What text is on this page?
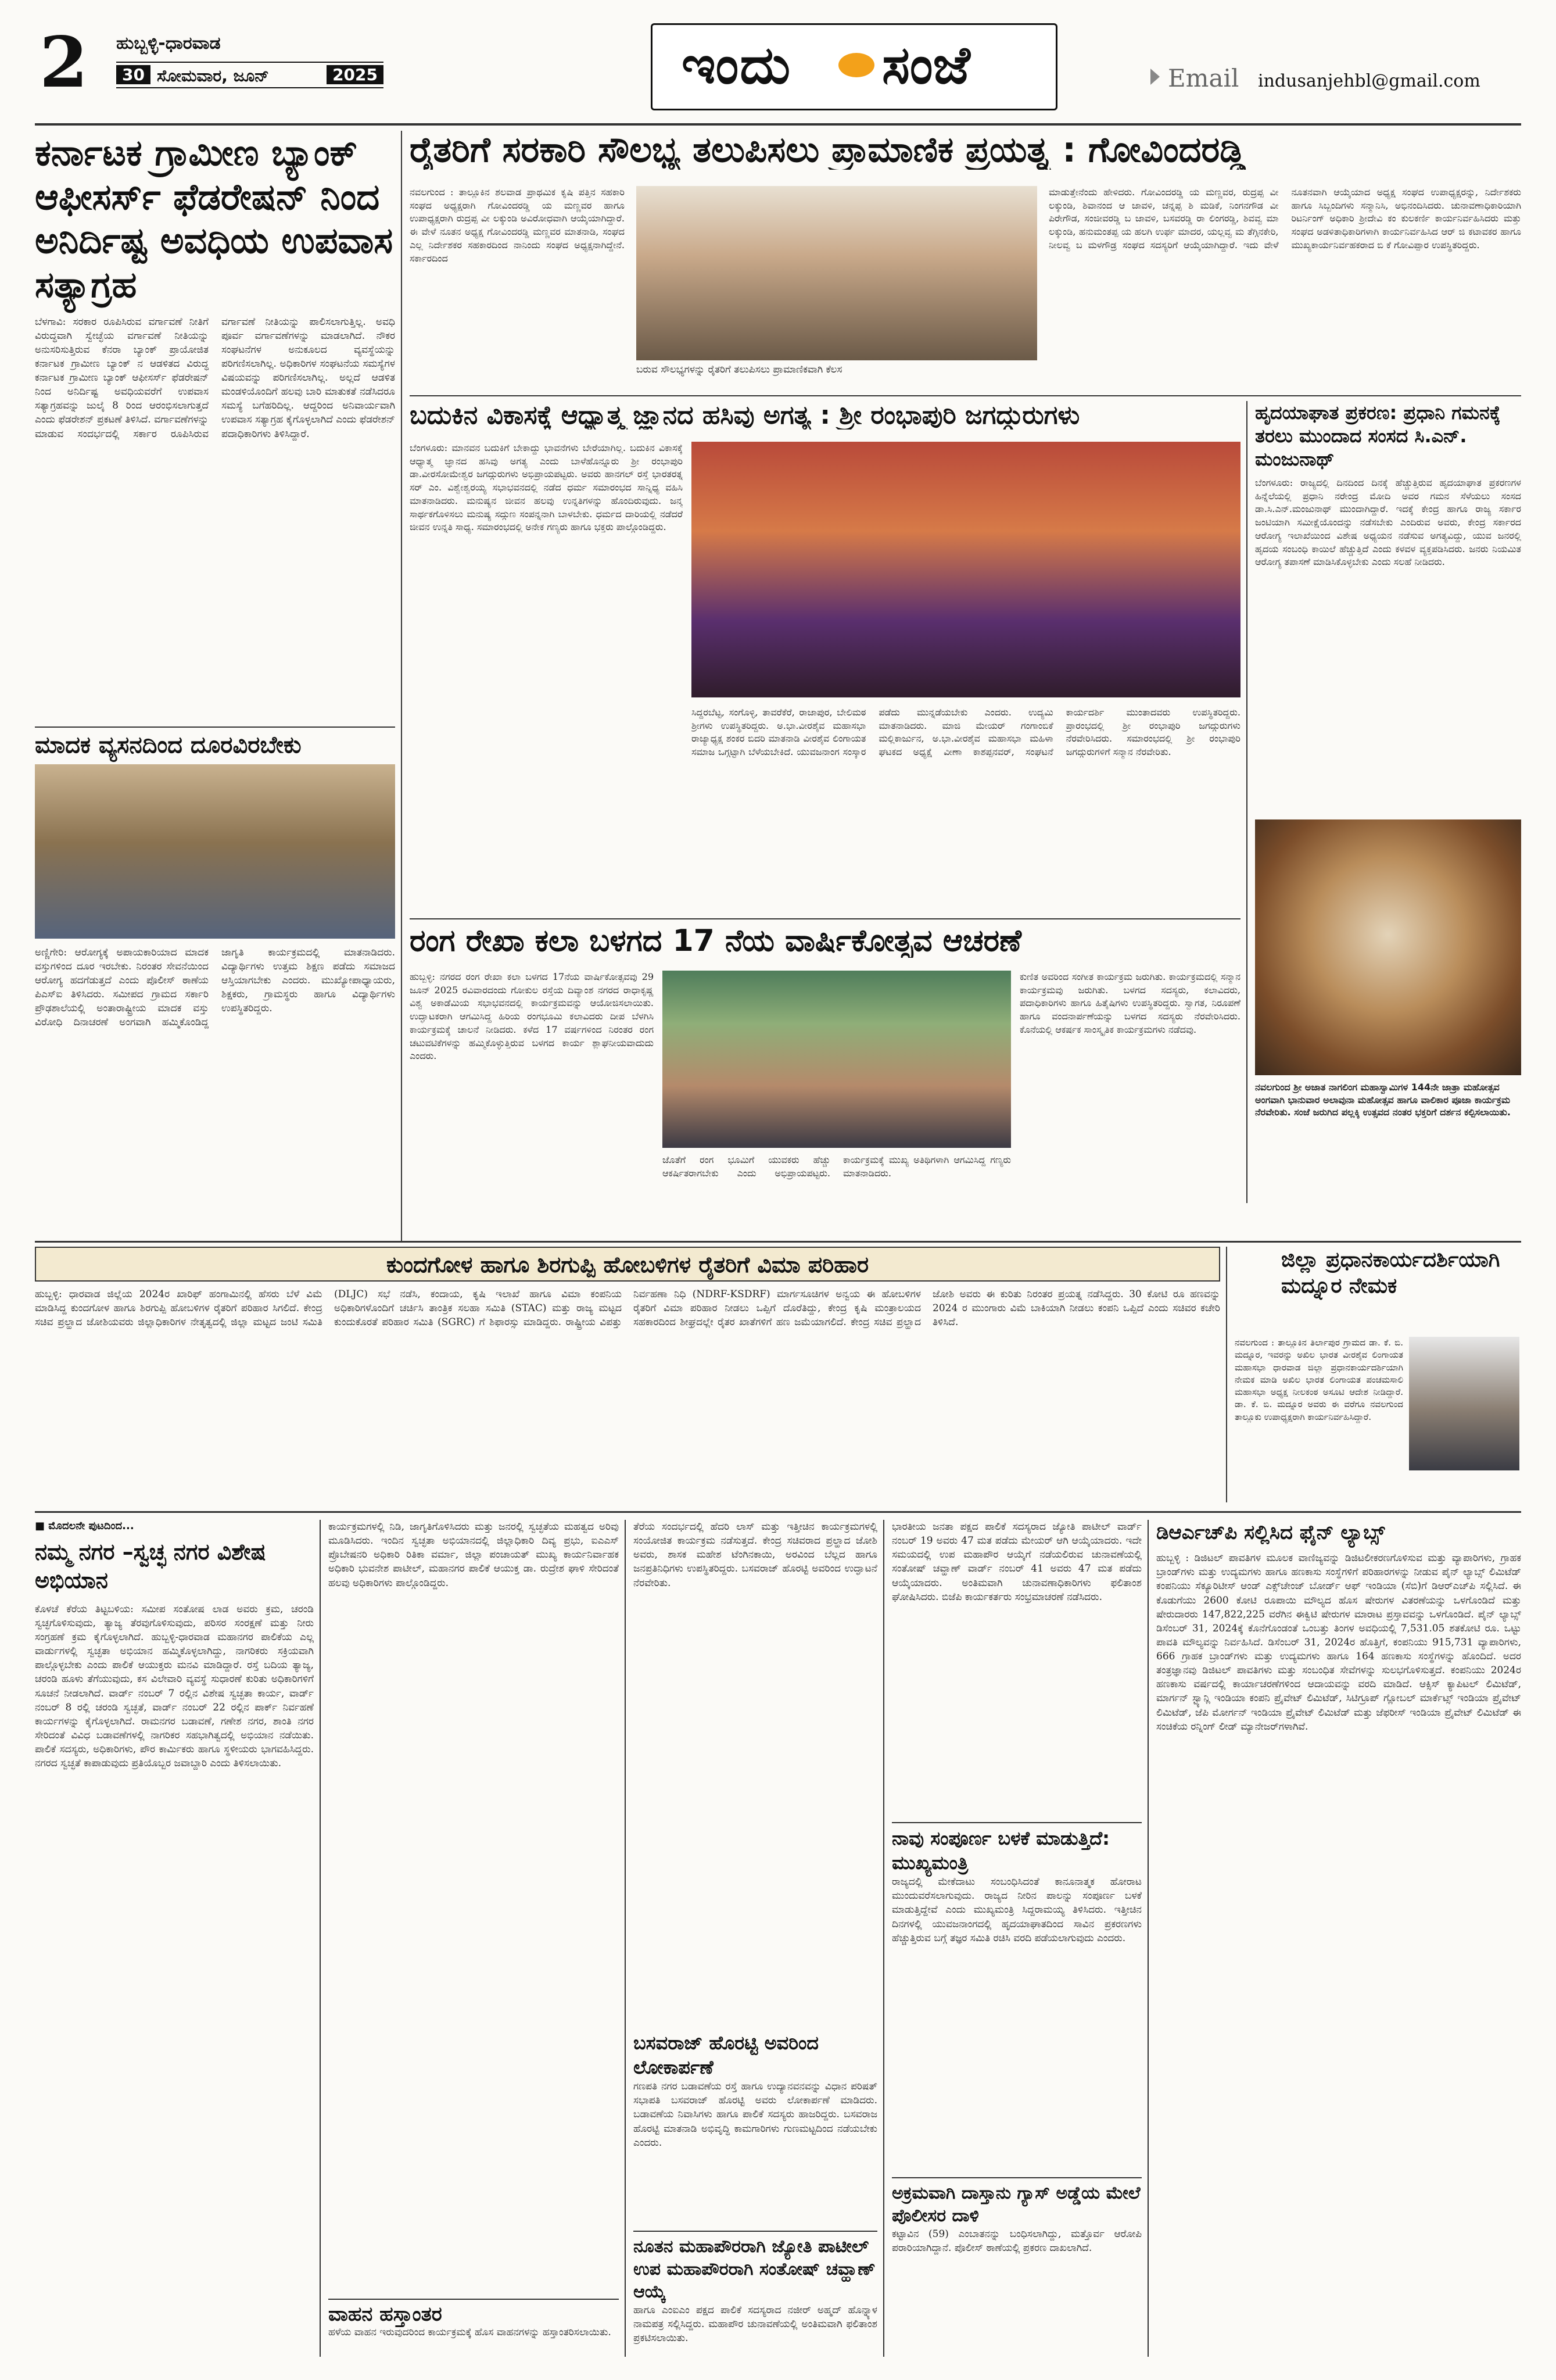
2 ಹುಬ್ಬಳ್ಳಿ-ಧಾರವಾಡ
30 ಸೋಮವಾರ, ಜೂನ್	2025	ಇಂದು ಸಂಜೆ	Email indusanjehbl@gmail.com
ಕರ್ನಾಟಕ ಗ್ರಾಮೀಣ ಬ್ಯಾಂಕ್ ಆಫೀಸರ್ಸ್ ಫೆಡರೇಷನ್ ನಿಂದ ಅನಿರ್ದಿಷ್ಟ ಅವಧಿಯ ಉಪವಾಸ ಸತ್ಯಾಗ್ರಹ
ಬೆಳಗಾವಿ: ಸರಕಾರ ರೂಪಿಸಿರುವ ವರ್ಗಾವಣೆ ನೀತಿಗೆ ವಿರುದ್ಧವಾಗಿ ಸ್ವೇಚ್ಛೆಯ ವರ್ಗಾವಣೆ ನೀತಿಯನ್ನು ಅನುಸರಿಸುತ್ತಿರುವ ಕೆನರಾ ಬ್ಯಾಂಕ್ ಪ್ರಾಯೋಜಿತ ಕರ್ನಾಟಕ ಗ್ರಾಮೀಣ ಬ್ಯಾಂಕ್ ನ ಆಡಳಿತದ ವಿರುದ್ಧ ಕರ್ನಾಟಕ ಗ್ರಾಮೀಣ ಬ್ಯಾಂಕ್ ಆಫೀಸರ್ಸ್ ಫೆಡರೇಷನ್ ನಿಂದ ಅನಿರ್ದಿಷ್ಟ ಅವಧಿಯವರೆಗೆ ಉಪವಾಸ ಸತ್ಯಾಗ್ರಹವನ್ನು ಜುಲೈ 8 ರಿಂದ ಆರಂಭಿಸಲಾಗುತ್ತದೆ ಎಂದು ಫೆಡರೇಶನ್ ಪ್ರಕಟಣೆ ತಿಳಿಸಿದೆ. ವರ್ಗಾವಣೆಗಳನ್ನು ಮಾಡುವ ಸಂದರ್ಭದಲ್ಲಿ ಸರ್ಕಾರ ರೂಪಿಸಿರುವ ವರ್ಗಾವಣೆ ನೀತಿಯನ್ನು ಪಾಲಿಸಲಾಗುತ್ತಿಲ್ಲ. ಅವಧಿ ಪೂರ್ವ ವರ್ಗಾವಣೆಗಳನ್ನು ಮಾಡಲಾಗಿದೆ. ನೌಕರ ಸಂಘಟನೆಗಳ ಅನುಕೂಲದ ವ್ಯವಸ್ಥೆಯನ್ನು ಪರಿಗಣಿಸಲಾಗಿಲ್ಲ. ಅಧಿಕಾರಿಗಳ ಸಂಘಟನೆಯ ಸಮಸ್ಯೆಗಳ ವಿಷಯವನ್ನು ಪರಿಗಣಿಸಲಾಗಿಲ್ಲ. ಅಲ್ಲದೆ ಆಡಳಿತ ಮಂಡಳಿಯೊಂದಿಗೆ ಹಲವು ಬಾರಿ ಮಾತುಕತೆ ನಡೆಸಿದರೂ ಸಮಸ್ಯೆ ಬಗೆಹರಿದಿಲ್ಲ. ಆದ್ದರಿಂದ ಅನಿವಾರ್ಯವಾಗಿ ಉಪವಾಸ ಸತ್ಯಾಗ್ರಹ ಕೈಗೊಳ್ಳಲಾಗಿದೆ ಎಂದು ಫೆಡರೇಶನ್ ಪದಾಧಿಕಾರಿಗಳು ತಿಳಿಸಿದ್ದಾರೆ.
ಮಾದಕ ವ್ಯಸನದಿಂದ ದೂರವಿರಬೇಕು
ಅಣ್ಣಿಗೇರಿ: ಆರೋಗ್ಯಕ್ಕೆ ಅಪಾಯಕಾರಿಯಾದ ಮಾದಕ ವಸ್ತುಗಳಿಂದ ದೂರ ಇರಬೇಕು. ನಿರಂತರ ಸೇವನೆಯಿಂದ ಆರೋಗ್ಯ ಹದಗೆಡುತ್ತದೆ ಎಂದು ಪೊಲೀಸ್ ಠಾಣೆಯ ಪಿಎಸ್ಐ ತಿಳಿಸಿದರು. ಸಮೀಪದ ಗ್ರಾಮದ ಸರ್ಕಾರಿ ಪ್ರೌಢಶಾಲೆಯಲ್ಲಿ ಅಂತಾರಾಷ್ಟ್ರೀಯ ಮಾದಕ ವಸ್ತು ವಿರೋಧಿ ದಿನಾಚರಣೆ ಅಂಗವಾಗಿ ಹಮ್ಮಿಕೊಂಡಿದ್ದ ಜಾಗೃತಿ ಕಾರ್ಯಕ್ರಮದಲ್ಲಿ ಮಾತನಾಡಿದರು. ವಿದ್ಯಾರ್ಥಿಗಳು ಉತ್ತಮ ಶಿಕ್ಷಣ ಪಡೆದು ಸಮಾಜದ ಆಸ್ತಿಯಾಗಬೇಕು ಎಂದರು. ಮುಖ್ಯೋಪಾಧ್ಯಾಯರು, ಶಿಕ್ಷಕರು, ಗ್ರಾಮಸ್ಥರು ಹಾಗೂ ವಿದ್ಯಾರ್ಥಿಗಳು ಉಪಸ್ಥಿತರಿದ್ದರು.
ರೈತರಿಗೆ ಸರಕಾರಿ ಸೌಲಭ್ಯ ತಲುಪಿಸಲು ಪ್ರಾಮಾಣಿಕ ಪ್ರಯತ್ನ : ಗೋವಿಂದರಡ್ಡಿ
ನವಲಗುಂದ : ತಾಲ್ಲೂಕಿನ ಶಲವಾಡ ಪ್ರಾಥಮಿಕ ಕೃಷಿ ಪತ್ತಿನ ಸಹಕಾರಿ ಸಂಘದ ಅಧ್ಯಕ್ಷರಾಗಿ ಗೋವಿಂದರಡ್ಡಿ ಯ ಮಣ್ಣವರ ಹಾಗೂ ಉಪಾಧ್ಯಕ್ಷರಾಗಿ ರುದ್ರಪ್ಪ ವೀ ಲಕ್ಕುಂಡಿ ಅವಿರೋಧವಾಗಿ ಆಯ್ಕೆಯಾಗಿದ್ದಾರೆ. ಈ ವೇಳೆ ನೂತನ ಅಧ್ಯಕ್ಷ ಗೋವಿಂದರಡ್ಡಿ ಮಣ್ಣವರ ಮಾತನಾಡಿ, ಸಂಘದ ಎಲ್ಲ ನಿರ್ದೇಶಕರ ಸಹಕಾರದಿಂದ ನಾನಿಂದು ಸಂಘದ ಅಧ್ಯಕ್ಷನಾಗಿದ್ದೇನೆ. ಸರ್ಕಾರದಿಂದ
ಬರುವ ಸೌಲಭ್ಯಗಳನ್ನು ರೈತರಿಗೆ ತಲುಪಿಸಲು ಪ್ರಾಮಾಣಿಕವಾಗಿ ಕೆಲಸ
ಮಾಡುತ್ತೇನೆಂದು ಹೇಳಿದರು. ಗೋವಿಂದರಡ್ಡಿ ಯ ಮಣ್ಣವರ, ರುದ್ರಪ್ಪ ವೀ ಲಕ್ಕುಂಡಿ, ಶಿವಾನಂದ ಆ ಜಾವಳಿ, ಚನ್ನಪ್ಪ ಶಿ ಮಡಿಕೆ, ನಿಂಗನಗೌಡ ವೀ ಪಿರೇಗೌಡ, ಸಂಜೀವರಡ್ಡಿ ಬ ಜಾವಳಿ, ಬಸವರಡ್ಡಿ ರಾ ಲಿಂಗರಡ್ಡಿ, ಶಿವವ್ವ ಮಾ ಲಕ್ಕುಂಡಿ, ಹನುಮಂತಪ್ಪ ಯ ಹಲಗಿ ಉರ್ಫ ಮಾದರ, ಯಲ್ಲವ್ವ ಮ ತೆಗ್ಗಿನಕೇರಿ, ನೀಲವ್ವ ಬ ಮಳಗೌಡ್ರ ಸಂಘದ ಸದಸ್ಯರಿಗೆ ಆಯ್ಕೆಯಾಗಿದ್ದಾರೆ. ಇದು ವೇಳೆ ನೂತನವಾಗಿ ಆಯ್ಕೆಯಾದ ಅಧ್ಯಕ್ಷ ಸಂಘದ ಉಪಾಧ್ಯಕ್ಷರನ್ನು, ನಿರ್ದೇಶಕರು ಹಾಗೂ ಸಿಬ್ಬಂದಿಗಳು ಸನ್ಮಾನಿಸಿ, ಅಭಿನಂದಿಸಿದರು. ಚುನಾವಣಾಧಿಕಾರಿಯಾಗಿ ರಿಟರ್ನಿಂಗ್ ಅಧಿಕಾರಿ ಶ್ರೀದೇವಿ ಕಂ ಕುಲಕರ್ಣಿ ಕಾರ್ಯನಿರ್ವಹಿಸಿದರು ಮತ್ತು ಸಂಘದ ಅಡಳಿತಾಧಿಕಾರಿಗಳಾಗಿ ಕಾರ್ಯನಿರ್ವಹಿಸಿದ ಆರ್ ಜಿ ಕಟಾವಕರ ಹಾಗೂ ಮುಖ್ಯಕಾರ್ಯನಿರ್ವಹಕರಾದ ಬಿ ಕೆ ಗೋವಿಪ್ಪಾರ ಉಪಸ್ಥಿತರಿದ್ದರು.
ಬದುಕಿನ ವಿಕಾಸಕ್ಕೆ ಆಧ್ಯಾತ್ಮ ಜ್ಞಾನದ ಹಸಿವು ಅಗತ್ಯ : ಶ್ರೀ ರಂಭಾಪುರಿ ಜಗದ್ಗುರುಗಳು
ಬೆಂಗಳೂರು: ಮಾನವನ ಬದುಕಿಗೆ ಬೇಕಾದ್ದು ಭಾವನೆಗಳು ಬೇರೆಯಾಗಿಲ್ಲ. ಬದುಕಿನ ವಿಕಾಸಕ್ಕೆ ಆಧ್ಯಾತ್ಮ ಜ್ಞಾನದ ಹಸಿವು ಅಗತ್ಯ ಎಂದು ಬಾಳೆಹೊನ್ನೂರು ಶ್ರೀ ರಂಭಾಪುರಿ ಡಾ.ವೀರಸೋಮೇಶ್ವರ ಜಗದ್ಗುರುಗಳು ಅಭಿಪ್ರಾಯಪಟ್ಟರು. ಅವರು ಹಾನಗಲ್ ರಸ್ತೆ ಭಾರತರತ್ನ ಸರ್ ಎಂ. ವಿಶ್ವೇಶ್ವರಯ್ಯ ಸಭಾಭವನದಲ್ಲಿ ನಡೆದ ಧರ್ಮ ಸಮಾರಂಭದ ಸಾನ್ನಿಧ್ಯ ವಹಿಸಿ ಮಾತನಾಡಿದರು. ಮನುಷ್ಯನ ಜೀವನ ಹಲವು ಉನ್ನತಿಗಳನ್ನು ಹೊಂದಿರುವುದು. ಜನ್ಮ ಸಾರ್ಥಕಗೊಳಿಸಲು ಮನುಷ್ಯ ಸದ್ಗುಣ ಸಂಪನ್ನನಾಗಿ ಬಾಳಬೇಕು. ಧರ್ಮದ ದಾರಿಯಲ್ಲಿ ನಡೆದರೆ ಜೀವನ ಉನ್ನತಿ ಸಾಧ್ಯ. ಸಮಾರಂಭದಲ್ಲಿ ಅನೇಕ ಗಣ್ಯರು ಹಾಗೂ ಭಕ್ತರು ಪಾಲ್ಗೊಂಡಿದ್ದರು.
ಸಿದ್ದರಬೆಟ್ಟ, ಸಂಗೊಳ್ಳಿ, ತಾವರೆಕೆರೆ, ರಾಜಾಪುರ, ಬೇಲಿಮಠ ಶ್ರೀಗಳು ಉಪಸ್ಥಿತರಿದ್ದರು. ಅ.ಭಾ.ವೀರಶೈವ ಮಹಾಸಭಾ ರಾಜ್ಯಾಧ್ಯಕ್ಷ ಶಂಕರ ಬಿದರಿ ಮಾತನಾಡಿ ವೀರಶೈವ ಲಿಂಗಾಯತ ಸಮಾಜ ಒಗ್ಗಟ್ಟಾಗಿ ಬೆಳೆಯಬೇಕಿದೆ. ಯುವಜನಾಂಗ ಸಂಸ್ಕಾರ ಪಡೆದು ಮುನ್ನಡೆಯಬೇಕು ಎಂದರು. ಉದ್ಯಮಿ ಮಾತನಾಡಿದರು. ಮಾಜಿ ಮೇಯರ್ ಗಂಗಾಂಬಿಕೆ ಮಲ್ಲಿಕಾರ್ಜುನ, ಅ.ಭಾ.ವೀರಶೈವ ಮಹಾಸಭಾ ಮಹಿಳಾ ಘಟಕದ ಅಧ್ಯಕ್ಷೆ ವೀಣಾ ಕಾಶಪ್ಪನವರ್, ಸಂಘಟನೆ ಕಾರ್ಯದರ್ಶಿ ಮುಂತಾದವರು ಉಪಸ್ಥಿತರಿದ್ದರು. ಪ್ರಾರಂಭದಲ್ಲಿ ಶ್ರೀ ರಂಭಾಪುರಿ ಜಗದ್ಗುರುಗಳು ನೆರವೇರಿಸಿದರು. ಸಮಾರಂಭದಲ್ಲಿ ಶ್ರೀ ರಂಭಾಪುರಿ ಜಗದ್ಗುರುಗಳಿಗೆ ಸನ್ಮಾನ ನೆರವೇರಿತು.
ಹೃದಯಾಘಾತ ಪ್ರಕರಣ: ಪ್ರಧಾನಿ ಗಮನಕ್ಕೆ ತರಲು ಮುಂದಾದ ಸಂಸದ ಸಿ.ಎನ್. ಮಂಜುನಾಥ್
ಬೆಂಗಳೂರು: ರಾಜ್ಯದಲ್ಲಿ ದಿನದಿಂದ ದಿನಕ್ಕೆ ಹೆಚ್ಚುತ್ತಿರುವ ಹೃದಯಾಘಾತ ಪ್ರಕರಣಗಳ ಹಿನ್ನೆಲೆಯಲ್ಲಿ ಪ್ರಧಾನಿ ನರೇಂದ್ರ ಮೋದಿ ಅವರ ಗಮನ ಸೆಳೆಯಲು ಸಂಸದ ಡಾ.ಸಿ.ಎನ್.ಮಂಜುನಾಥ್ ಮುಂದಾಗಿದ್ದಾರೆ. ಇದಕ್ಕೆ ಕೇಂದ್ರ ಹಾಗೂ ರಾಜ್ಯ ಸರ್ಕಾರ ಜಂಟಿಯಾಗಿ ಸಮೀಕ್ಷೆಯೊಂದನ್ನು ನಡೆಸಬೇಕು ಎಂದಿರುವ ಅವರು, ಕೇಂದ್ರ ಸರ್ಕಾರದ ಆರೋಗ್ಯ ಇಲಾಖೆಯಿಂದ ವಿಶೇಷ ಅಧ್ಯಯನ ನಡೆಸುವ ಅಗತ್ಯವಿದ್ದು, ಯುವ ಜನರಲ್ಲಿ ಹೃದಯ ಸಂಬಂಧಿ ಕಾಯಿಲೆ ಹೆಚ್ಚುತ್ತಿದೆ ಎಂದು ಕಳವಳ ವ್ಯಕ್ತಪಡಿಸಿದರು. ಜನರು ನಿಯಮಿತ ಆರೋಗ್ಯ ತಪಾಸಣೆ ಮಾಡಿಸಿಕೊಳ್ಳಬೇಕು ಎಂದು ಸಲಹೆ ನೀಡಿದರು.
ನವಲಗುಂದ ಶ್ರೀ ಅಜಾತ ನಾಗಲಿಂಗ ಮಹಾಸ್ವಾಮಿಗಳ 144ನೇ ಜಾತ್ರಾ ಮಹೋತ್ಸವ ಅಂಗವಾಗಿ ಭಾನುವಾರ ಅಲಾವುನಾ ಮಹೋತ್ಸವ ಹಾಗೂ ವಾಲಿಕಾರ ಪೂಜಾ ಕಾರ್ಯಕ್ರಮ ನೆರವೇರಿತು. ಸಂಜೆ ಜರುಗಿದ ಪಲ್ಲಕ್ಕಿ ಉತ್ಸವದ ನಂತರ ಭಕ್ತರಿಗೆ ದರ್ಶನ ಕಲ್ಪಿಸಲಾಯಿತು.
ರಂಗ ರೇಖಾ ಕಲಾ ಬಳಗದ 17 ನೆಯ ವಾರ್ಷಿಕೋತ್ಸವ ಆಚರಣೆ
ಹುಬ್ಬಳ್ಳಿ: ನಗರದ ರಂಗ ರೇಖಾ ಕಲಾ ಬಳಗದ 17ನೆಯ ವಾರ್ಷಿಕೋತ್ಸವವು 29 ಜೂನ್ 2025 ರವಿವಾರದಂದು ಗೋಕುಲ ರಸ್ತೆಯ ದಿವ್ಯಾಂಶ ನಗರದ ರಾಧಾಕೃಷ್ಣ ವಿಶ್ವ ಅಕಾಡೆಮಿಯ ಸಭಾಭವನದಲ್ಲಿ ಕಾರ್ಯಕ್ರಮವನ್ನು ಆಯೋಜಿಸಲಾಯಿತು. ಉದ್ಘಾಟಕರಾಗಿ ಆಗಮಿಸಿದ್ದ ಹಿರಿಯ ರಂಗಭೂಮಿ ಕಲಾವಿದರು ದೀಪ ಬೆಳಗಿಸಿ ಕಾರ್ಯಕ್ರಮಕ್ಕೆ ಚಾಲನೆ ನೀಡಿದರು. ಕಳೆದ 17 ವರ್ಷಗಳಿಂದ ನಿರಂತರ ರಂಗ ಚಟುವಟಿಕೆಗಳನ್ನು ಹಮ್ಮಿಕೊಳ್ಳುತ್ತಿರುವ ಬಳಗದ ಕಾರ್ಯ ಶ್ಲಾಘನೀಯವಾದುದು ಎಂದರು.
ಜೊತೆಗೆ ರಂಗ ಭೂಮಿಗೆ ಯುವಕರು ಹೆಚ್ಚು ಆಕರ್ಷಿತರಾಗಬೇಕು ಎಂದು ಅಭಿಪ್ರಾಯಪಟ್ಟರು. ಕಾರ್ಯಕ್ರಮಕ್ಕೆ ಮುಖ್ಯ ಅತಿಥಿಗಳಾಗಿ ಆಗಮಿಸಿದ್ದ ಗಣ್ಯರು ಮಾತನಾಡಿದರು.
ಕುಣಿತ ಅವರಿಂದ ಸಂಗೀತ ಕಾರ್ಯಕ್ರಮ ಜರುಗಿತು. ಕಾರ್ಯಕ್ರಮದಲ್ಲಿ ಸನ್ಮಾನ ಕಾರ್ಯಕ್ರಮವು ಜರುಗಿತು. ಬಳಗದ ಸದಸ್ಯರು, ಕಲಾವಿದರು, ಪದಾಧಿಕಾರಿಗಳು ಹಾಗೂ ಹಿತೈಷಿಗಳು ಉಪಸ್ಥಿತರಿದ್ದರು. ಸ್ವಾಗತ, ನಿರೂಪಣೆ ಹಾಗೂ ವಂದನಾರ್ಪಣೆಯನ್ನು ಬಳಗದ ಸದಸ್ಯರು ನೆರವೇರಿಸಿದರು. ಕೊನೆಯಲ್ಲಿ ಆಕರ್ಷಕ ಸಾಂಸ್ಕೃತಿಕ ಕಾರ್ಯಕ್ರಮಗಳು ನಡೆದವು.
ಕುಂದಗೋಳ ಹಾಗೂ ಶಿರಗುಪ್ಪಿ ಹೋಬಳಿಗಳ ರೈತರಿಗೆ ವಿಮಾ ಪರಿಹಾರ
ಹುಬ್ಬಳ್ಳಿ: ಧಾರವಾಡ ಜಿಲ್ಲೆಯ 2024ರ ಖಾರಿಫ್ ಹಂಗಾಮಿನಲ್ಲಿ ಹೆಸರು ಬೆಳೆ ವಿಮೆ ಮಾಡಿಸಿದ್ದ ಕುಂದಗೋಳ ಹಾಗೂ ಶಿರಗುಪ್ಪಿ ಹೋಬಳಿಗಳ ರೈತರಿಗೆ ಪರಿಹಾರ ಸಿಗಲಿದೆ. ಕೇಂದ್ರ ಸಚಿವ ಪ್ರಲ್ಹಾದ ಜೋಶಿಯವರು ಜಿಲ್ಲಾಧಿಕಾರಿಗಳ ನೇತೃತ್ವದಲ್ಲಿ ಜಿಲ್ಲಾ ಮಟ್ಟದ ಜಂಟಿ ಸಮಿತಿ (DLJC) ಸಭೆ ನಡೆಸಿ, ಕಂದಾಯ, ಕೃಷಿ ಇಲಾಖೆ ಹಾಗೂ ವಿಮಾ ಕಂಪನಿಯ ಅಧಿಕಾರಿಗಳೊಂದಿಗೆ ಚರ್ಚಿಸಿ ತಾಂತ್ರಿಕ ಸಲಹಾ ಸಮಿತಿ (STAC) ಮತ್ತು ರಾಜ್ಯ ಮಟ್ಟದ ಕುಂದುಕೊರತೆ ಪರಿಹಾರ ಸಮಿತಿ (SGRC) ಗೆ ಶಿಫಾರಸ್ಸು ಮಾಡಿದ್ದರು. ರಾಷ್ಟ್ರೀಯ ವಿಪತ್ತು ನಿರ್ವಹಣಾ ನಿಧಿ (NDRF-KSDRF) ಮಾರ್ಗಸೂಚಿಗಳ ಅನ್ವಯ ಈ ಹೋಬಳಿಗಳ ರೈತರಿಗೆ ವಿಮಾ ಪರಿಹಾರ ನೀಡಲು ಒಪ್ಪಿಗೆ ದೊರೆತಿದ್ದು, ಕೇಂದ್ರ ಕೃಷಿ ಮಂತ್ರಾಲಯದ ಸಹಕಾರದಿಂದ ಶೀಘ್ರದಲ್ಲೇ ರೈತರ ಖಾತೆಗಳಿಗೆ ಹಣ ಜಮೆಯಾಗಲಿದೆ. ಕೇಂದ್ರ ಸಚಿವ ಪ್ರಲ್ಹಾದ ಜೋಶಿ ಅವರು ಈ ಕುರಿತು ನಿರಂತರ ಪ್ರಯತ್ನ ನಡೆಸಿದ್ದರು. 30 ಕೋಟಿ ರೂ ಹಣವನ್ನು 2024 ರ ಮುಂಗಾರು ವಿಮೆ ಬಾಕಿಯಾಗಿ ನೀಡಲು ಕಂಪನಿ ಒಪ್ಪಿದೆ ಎಂದು ಸಚಿವರ ಕಚೇರಿ ತಿಳಿಸಿದೆ.
ಜಿಲ್ಲಾ ಪ್ರಧಾನಕಾರ್ಯದರ್ಶಿಯಾಗಿ ಮದ್ನೂರ ನೇಮಕ
ನವಲಗುಂದ : ತಾಲ್ಲೂಕಿನ ತಿರ್ಲಾಪುರ ಗ್ರಾಮದ ಡಾ. ಕೆ. ಬಿ. ಮದ್ನೂರ, ಇವರನ್ನು ಅಖಿಲ ಭಾರತ ವೀರಶೈವ ಲಿಂಗಾಯತ ಮಹಾಸಭಾ ಧಾರವಾಡ ಜಿಲ್ಲಾ ಪ್ರಧಾನಕಾರ್ಯದರ್ಶಿಯಾಗಿ ನೇಮಕ ಮಾಡಿ ಅಖಿಲ ಭಾರತ ಲಿಂಗಾಯತ ಪಂಚಮಸಾಲಿ ಮಹಾಸಭಾ ಅಧ್ಯಕ್ಷ ನೀಲಕಂಠ ಅಸೂಟಿ ಆದೇಶ ನೀಡಿದ್ದಾರೆ. ಡಾ. ಕೆ. ಬಿ. ಮದ್ನೂರ ಅವರು ಈ ವರೆಗೂ ನವಲಗುಂದ ತಾಲ್ಲೂಕು ಉಪಾಧ್ಯಕ್ಷರಾಗಿ ಕಾರ್ಯನಿರ್ವಹಿಸಿದ್ದಾರೆ.
■ ಮೊದಲನೇ ಪುಟದಿಂದ...
ನಮ್ಮ ನಗರ –ಸ್ವಚ್ಛ ನಗರ ವಿಶೇಷ ಅಭಿಯಾನ
ಕೊಳಚೆ ಕೆರೆಯ ತಿಟ್ಟಬಳಿಯ: ಸಮೀಪ ಸಂತೋಷ ಲಾಡ ಅವರು ಕ್ರಮ, ಚರಂಡಿ ಸ್ವಚ್ಛಗೊಳಿಸುವುದು, ತ್ಯಾಜ್ಯ ತೆರವುಗೊಳಿಸುವುದು, ಪರಿಸರ ಸಂರಕ್ಷಣೆ ಮತ್ತು ನೀರು ಸಂಗ್ರಹಣೆ ಕ್ರಮ ಕೈಗೊಳ್ಳಲಾಗಿದೆ. ಹುಬ್ಬಳ್ಳಿ-ಧಾರವಾಡ ಮಹಾನಗರ ಪಾಲಿಕೆಯ ಎಲ್ಲ ವಾರ್ಡುಗಳಲ್ಲಿ ಸ್ವಚ್ಛತಾ ಅಭಿಯಾನ ಹಮ್ಮಿಕೊಳ್ಳಲಾಗಿದ್ದು, ನಾಗರಿಕರು ಸಕ್ರಿಯವಾಗಿ ಪಾಲ್ಗೊಳ್ಳಬೇಕು ಎಂದು ಪಾಲಿಕೆ ಆಯುಕ್ತರು ಮನವಿ ಮಾಡಿದ್ದಾರೆ. ರಸ್ತೆ ಬದಿಯ ತ್ಯಾಜ್ಯ, ಚರಂಡಿ ಹೂಳು ತೆಗೆಯುವುದು, ಕಸ ವಿಲೇವಾರಿ ವ್ಯವಸ್ಥೆ ಸುಧಾರಣೆ ಕುರಿತು ಅಧಿಕಾರಿಗಳಿಗೆ ಸೂಚನೆ ನೀಡಲಾಗಿದೆ. ವಾರ್ಡ್ ನಂಬರ್ 7 ರಲ್ಲಿನ ವಿಶೇಷ ಸ್ವಚ್ಛತಾ ಕಾರ್ಯ, ವಾರ್ಡ್ ನಂಬರ್ 8 ರಲ್ಲಿ ಚರಂಡಿ ಸ್ವಚ್ಛತೆ, ವಾರ್ಡ್ ನಂಬರ್ 22 ರಲ್ಲಿನ ಪಾರ್ಕ್ ನಿರ್ವಹಣೆ ಕಾರ್ಯಗಳನ್ನು ಕೈಗೊಳ್ಳಲಾಗಿದೆ. ರಾಮನಗರ ಬಡಾವಣೆ, ಗಣೇಶ ನಗರ, ಶಾಂತಿ ನಗರ ಸೇರಿದಂತೆ ವಿವಿಧ ಬಡಾವಣೆಗಳಲ್ಲಿ ನಾಗರಿಕರ ಸಹಭಾಗಿತ್ವದಲ್ಲಿ ಅಭಿಯಾನ ನಡೆಯಿತು. ಪಾಲಿಕೆ ಸದಸ್ಯರು, ಅಧಿಕಾರಿಗಳು, ಪೌರ ಕಾರ್ಮಿಕರು ಹಾಗೂ ಸ್ಥಳೀಯರು ಭಾಗವಹಿಸಿದ್ದರು. ನಗರದ ಸ್ವಚ್ಛತೆ ಕಾಪಾಡುವುದು ಪ್ರತಿಯೊಬ್ಬರ ಜವಾಬ್ದಾರಿ ಎಂದು ತಿಳಿಸಲಾಯಿತು.
ಕಾರ್ಯಕ್ರಮಗಳಲ್ಲಿ ನಿಡಿ, ಜಾಗೃತಿಗೊಳಿಸಿದರು ಮತ್ತು ಜನರಲ್ಲಿ ಸ್ವಚ್ಛತೆಯ ಮಹತ್ವದ ಅರಿವು ಮೂಡಿಸಿದರು. ಇಂದಿನ ಸ್ವಚ್ಛತಾ ಅಭಿಯಾನದಲ್ಲಿ ಜಿಲ್ಲಾಧಿಕಾರಿ ದಿವ್ಯ ಪ್ರಭು, ಐಎಎಸ್ ಪ್ರೊಬೇಷನರಿ ಅಧಿಕಾರಿ ರಿತಿಕಾ ವರ್ಮಾ, ಜಿಲ್ಲಾ ಪಂಚಾಯತ್ ಮುಖ್ಯ ಕಾರ್ಯನಿರ್ವಾಹಕ ಅಧಿಕಾರಿ ಭುವನೇಶ ಪಾಟೀಲ್, ಮಹಾನಗರ ಪಾಲಿಕೆ ಆಯುಕ್ತ ಡಾ. ರುದ್ರೇಶ ಘಾಳಿ ಸೇರಿದಂತೆ ಹಲವು ಅಧಿಕಾರಿಗಳು ಪಾಲ್ಗೊಂಡಿದ್ದರು.
ವಾಹನ ಹಸ್ತಾಂತರ
ಹಳೆಯ ವಾಹನ ಇರುವುದರಿಂದ ಕಾರ್ಯಕ್ರಮಕ್ಕೆ ಹೊಸ ವಾಹನಗಳನ್ನು ಹಸ್ತಾಂತರಿಸಲಾಯಿತು.
ತೆರೆಯ ಸಂದರ್ಭದಲ್ಲಿ ಹೆದರಿ ಲಾಸ್ ಮತ್ತು ಇತ್ತೀಚಿನ ಕಾರ್ಯಕ್ರಮಗಳಲ್ಲಿ ಸಂಯೋಜಿತ ಕಾರ್ಯಕ್ರಮ ನಡೆಸುತ್ತದೆ. ಕೇಂದ್ರ ಸಚಿವರಾದ ಪ್ರಲ್ಹಾದ ಜೋಶಿ ಅವರು, ಶಾಸಕ ಮಹೇಶ ಟೆಂಗಿನಕಾಯಿ, ಅರವಿಂದ ಬೆಲ್ಲದ ಹಾಗೂ ಜನಪ್ರತಿನಿಧಿಗಳು ಉಪಸ್ಥಿತರಿದ್ದರು. ಬಸವರಾಜ್ ಹೊರಟ್ಟಿ ಅವರಿಂದ ಉದ್ಘಾಟನೆ ನೆರವೇರಿತು.
ಬಸವರಾಜ್ ಹೊರಟ್ಟಿ ಅವರಿಂದ ಲೋಕಾರ್ಪಣೆ
ಗಣಪತಿ ನಗರ ಬಡಾವಣೆಯ ರಸ್ತೆ ಹಾಗೂ ಉದ್ಯಾನವನವನ್ನು ವಿಧಾನ ಪರಿಷತ್ ಸಭಾಪತಿ ಬಸವರಾಜ್ ಹೊರಟ್ಟಿ ಅವರು ಲೋಕಾರ್ಪಣೆ ಮಾಡಿದರು. ಬಡಾವಣೆಯ ನಿವಾಸಿಗಳು ಹಾಗೂ ಪಾಲಿಕೆ ಸದಸ್ಯರು ಹಾಜರಿದ್ದರು. ಬಸವರಾಜ ಹೊರಟ್ಟಿ ಮಾತನಾಡಿ ಅಭಿವೃದ್ಧಿ ಕಾಮಗಾರಿಗಳು ಗುಣಮಟ್ಟದಿಂದ ನಡೆಯಬೇಕು ಎಂದರು.
ನೂತನ ಮಹಾಪೌರರಾಗಿ ಜ್ಯೋತಿ ಪಾಟೀಲ್ ಉಪ ಮಹಾಪೌರರಾಗಿ ಸಂತೋಷ್ ಚವ್ಹಾಣ್ ಆಯ್ಕೆ
ಹಾಗೂ ಎಂಐಎಂ ಪಕ್ಷದ ಪಾಲಿಕೆ ಸದಸ್ಯರಾದ ನಜೀರ್ ಅಹ್ಮದ್ ಹೊನ್ನ್ಯಾಳ ನಾಮಪತ್ರ ಸಲ್ಲಿಸಿದ್ದರು. ಮಹಾಪೌರ ಚುನಾವಣೆಯಲ್ಲಿ ಅಂತಿಮವಾಗಿ ಫಲಿತಾಂಶ ಪ್ರಕಟಿಸಲಾಯಿತು.
ಭಾರತೀಯ ಜನತಾ ಪಕ್ಷದ ಪಾಲಿಕೆ ಸದಸ್ಯರಾದ ಜ್ಯೋತಿ ಪಾಟೀಲ್ ವಾರ್ಡ್ ನಂಬರ್ 19 ಅವರು 47 ಮತ ಪಡೆದು ಮೇಯರ್ ಆಗಿ ಆಯ್ಕೆಯಾದರು. ಇದೇ ಸಮಯದಲ್ಲಿ ಉಪ ಮಹಾಪೌರ ಆಯ್ಕೆಗೆ ನಡೆಯಲಿರುವ ಚುನಾವಣೆಯಲ್ಲಿ ಸಂತೋಷ್ ಚವ್ಹಾಣ್ ವಾರ್ಡ್ ನಂಬರ್ 41 ಅವರು 47 ಮತ ಪಡೆದು ಆಯ್ಕೆಯಾದರು. ಅಂತಿಮವಾಗಿ ಚುನಾವಣಾಧಿಕಾರಿಗಳು ಫಲಿತಾಂಶ ಘೋಷಿಸಿದರು. ಬಿಜೆಪಿ ಕಾರ್ಯಕರ್ತರು ಸಂಭ್ರಮಾಚರಣೆ ನಡೆಸಿದರು.
ನಾವು ಸಂಪೂರ್ಣ ಬಳಕೆ ಮಾಡುತ್ತಿದೆ: ಮುಖ್ಯಮಂತ್ರಿ
ರಾಜ್ಯದಲ್ಲಿ ಮೇಕೆದಾಟು ಸಂಬಂಧಿಸಿದಂತೆ ಕಾನೂನಾತ್ಮಕ ಹೋರಾಟ ಮುಂದುವರೆಸಲಾಗುವುದು. ರಾಜ್ಯದ ನೀರಿನ ಪಾಲನ್ನು ಸಂಪೂರ್ಣ ಬಳಕೆ ಮಾಡುತ್ತಿದ್ದೇವೆ ಎಂದು ಮುಖ್ಯಮಂತ್ರಿ ಸಿದ್ದರಾಮಯ್ಯ ತಿಳಿಸಿದರು. ಇತ್ತೀಚಿನ ದಿನಗಳಲ್ಲಿ ಯುವಜನಾಂಗದಲ್ಲಿ ಹೃದಯಾಘಾತದಿಂದ ಸಾವಿನ ಪ್ರಕರಣಗಳು ಹೆಚ್ಚುತ್ತಿರುವ ಬಗ್ಗೆ ತಜ್ಞರ ಸಮಿತಿ ರಚಿಸಿ ವರದಿ ಪಡೆಯಲಾಗುವುದು ಎಂದರು.
ಅಕ್ರಮವಾಗಿ ದಾಸ್ತಾನು ಗ್ಯಾಸ್ ಅಡ್ಡೆಯ ಮೇಲೆ ಪೊಲೀಸರ ದಾಳಿ
ಕಟ್ಟಾವಿನ (59) ಎಂಬಾತನನ್ನು ಬಂಧಿಸಲಾಗಿದ್ದು, ಮತ್ತೊರ್ವ ಆರೋಪಿ ಪರಾರಿಯಾಗಿದ್ದಾನೆ. ಪೊಲೀಸ್ ಠಾಣೆಯಲ್ಲಿ ಪ್ರಕರಣ ದಾಖಲಾಗಿದೆ.
ಡಿಆರ್ಎಚ್‌ಪಿ ಸಲ್ಲಿಸಿದ ಫೈನ್ ಲ್ಯಾಬ್ಸ್
ಹುಬ್ಬಳ್ಳಿ : ಡಿಜಿಟಲ್ ಪಾವತಿಗಳ ಮೂಲಕ ವಾಣಿಜ್ಯವನ್ನು ಡಿಜಿಟಲೀಕರಣಗೊಳಿಸುವ ಮತ್ತು ವ್ಯಾಪಾರಿಗಳು, ಗ್ರಾಹಕ ಬ್ರಾಂಡ್‌ಗಳು ಮತ್ತು ಉದ್ಯಮಗಳು ಹಾಗೂ ಹಣಕಾಸು ಸಂಸ್ಥೆಗಳಿಗೆ ಪರಿಹಾರಗಳನ್ನು ನೀಡುವ ಪೈನ್ ಲ್ಯಾಬ್ಸ್ ಲಿಮಿಟೆಡ್ ಕಂಪನಿಯು ಸೆಕ್ಯೂರಿಟೀಸ್ ಆಂಡ್ ಎಕ್ಸ್‌ಚೇಂಜ್ ಬೋರ್ಡ್ ಆಫ್ ಇಂಡಿಯಾ (ಸೆಬಿ)ಗೆ ಡಿಆರ್‌ಎಚ್‌ಪಿ ಸಲ್ಲಿಸಿದೆ. ಈ ಕೊಡುಗೆಯು 2600 ಕೋಟಿ ರೂಪಾಯಿ ಮೌಲ್ಯದ ಹೊಸ ಷೇರುಗಳ ವಿತರಣೆಯನ್ನು ಒಳಗೊಂಡಿದೆ ಮತ್ತು ಷೇರುದಾರರು 147,822,225 ವರೆಗಿನ ಈಕ್ವಿಟಿ ಷೇರುಗಳ ಮಾರಾಟ ಪ್ರಸ್ತಾವವನ್ನು ಒಳಗೊಂಡಿದೆ. ಪೈನ್ ಲ್ಯಾಬ್ಸ್ ಡಿಸೆಂಬರ್ 31, 2024ಕ್ಕೆ ಕೊನೆಗೊಂಡಂತೆ ಒಂಬತ್ತು ತಿಂಗಳ ಅವಧಿಯಲ್ಲಿ 7,531.05 ಶತಕೋಟಿ ರೂ. ಒಟ್ಟು ಪಾವತಿ ಮೌಲ್ಯವನ್ನು ನಿರ್ವಹಿಸಿದೆ. ಡಿಸೆಂಬರ್ 31, 2024ರ ಹೊತ್ತಿಗೆ, ಕಂಪನಿಯು 915,731 ವ್ಯಾಪಾರಿಗಳು, 666 ಗ್ರಾಹಕ ಬ್ರಾಂಡ್‌ಗಳು ಮತ್ತು ಉದ್ಯಮಗಳು ಹಾಗೂ 164 ಹಣಕಾಸು ಸಂಸ್ಥೆಗಳನ್ನು ಹೊಂದಿದೆ. ಅದರ ತಂತ್ರಜ್ಞಾನವು ಡಿಜಿಟಲ್ ಪಾವತಿಗಳು ಮತ್ತು ಸಂಬಂಧಿತ ಸೇವೆಗಳನ್ನು ಸುಲಭಗೊಳಿಸುತ್ತದೆ. ಕಂಪನಿಯು 2024ರ ಹಣಕಾಸು ವರ್ಷದಲ್ಲಿ ಕಾರ್ಯಾಚರಣೆಗಳಿಂದ ಆದಾಯವನ್ನು ವರದಿ ಮಾಡಿದೆ. ಆಕ್ಸಿಸ್ ಕ್ಯಾಪಿಟಲ್ ಲಿಮಿಟೆಡ್, ಮಾರ್ಗನ್ ಸ್ಟ್ಯಾನ್ಲಿ ಇಂಡಿಯಾ ಕಂಪನಿ ಪ್ರೈವೇಟ್ ಲಿಮಿಟೆಡ್, ಸಿಟಿಗ್ರೂಪ್ ಗ್ಲೋಬಲ್ ಮಾರ್ಕೆಟ್ಸ್ ಇಂಡಿಯಾ ಪ್ರೈವೇಟ್ ಲಿಮಿಟೆಡ್, ಜೆಪಿ ಮೋರ್ಗನ್ ಇಂಡಿಯಾ ಪ್ರೈವೇಟ್ ಲಿಮಿಟೆಡ್ ಮತ್ತು ಜೆಫರೀಸ್ ಇಂಡಿಯಾ ಪ್ರೈವೇಟ್ ಲಿಮಿಟೆಡ್ ಈ ಸಂಚಿಕೆಯ ರನ್ನಿಂಗ್ ಲೀಡ್ ಮ್ಯಾನೇಜರ್‌ಗಳಾಗಿವೆ.
